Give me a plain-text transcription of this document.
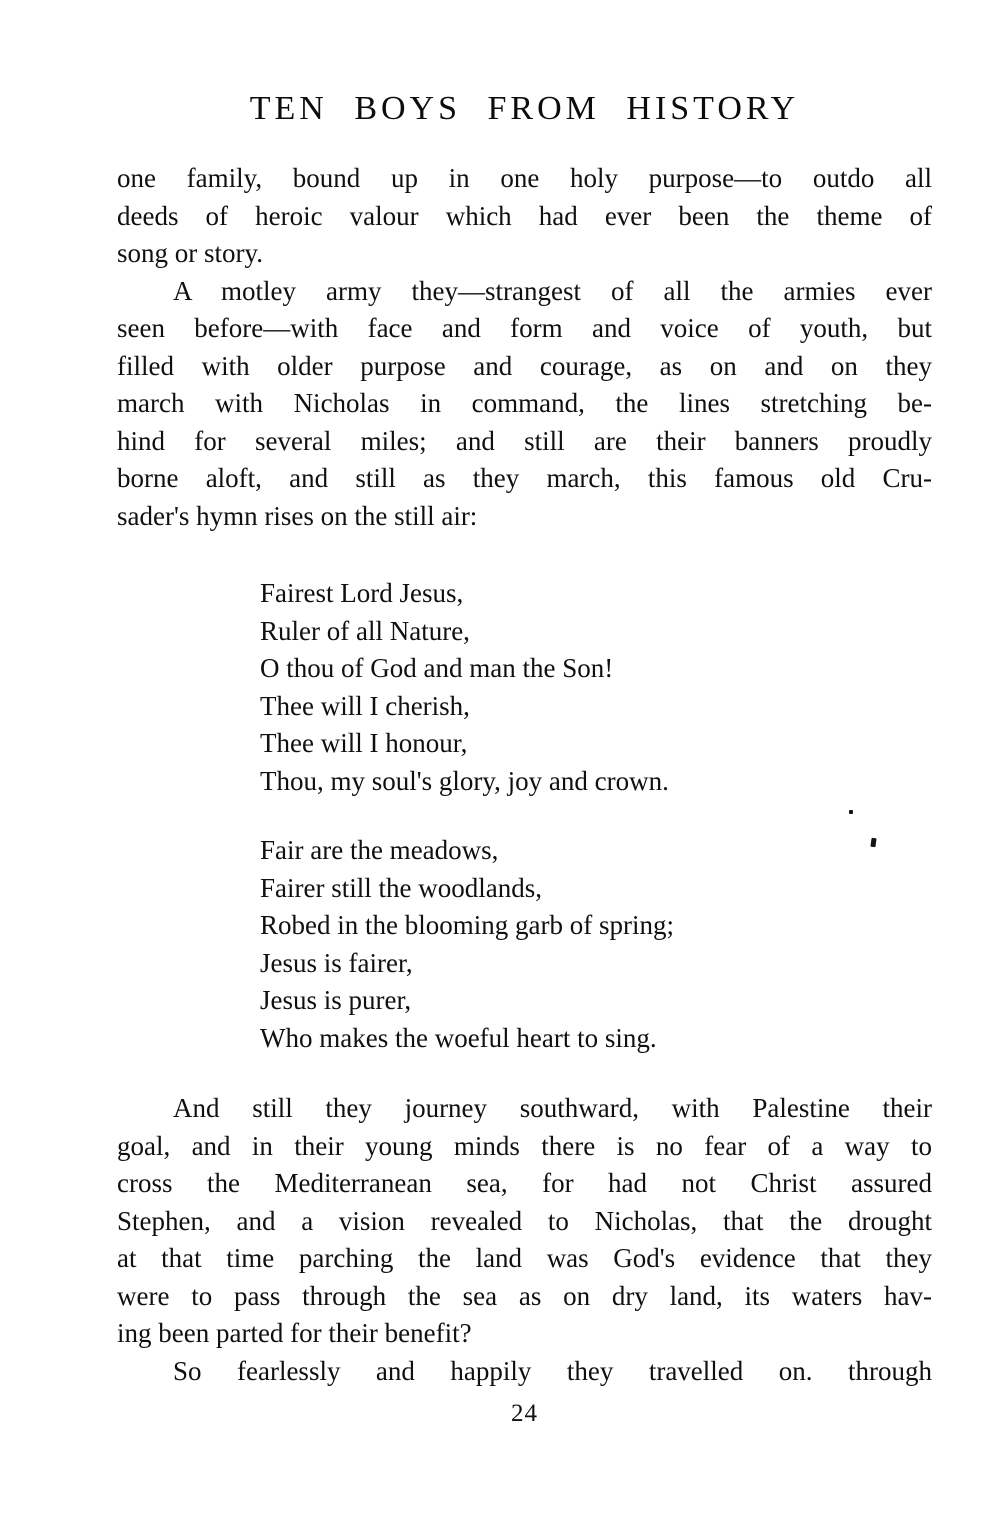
TEN BOYS FROM HISTORY
one family, bound up in one holy purpose—to outdo all
deeds of heroic valour which had ever been the theme of
song or story.
A motley army they—strangest of all the armies ever
seen before—with face and form and voice of youth, but
filled with older purpose and courage, as on and on they
march with Nicholas in command, the lines stretching be-
hind for several miles; and still are their banners proudly
borne aloft, and still as they march, this famous old Cru-
sader's hymn rises on the still air:
Fairest Lord Jesus,
Ruler of all Nature,
O thou of God and man the Son!
Thee will I cherish,
Thee will I honour,
Thou, my soul's glory, joy and crown.
Fair are the meadows,
Fairer still the woodlands,
Robed in the blooming garb of spring;
Jesus is fairer,
Jesus is purer,
Who makes the woeful heart to sing.
And still they journey southward, with Palestine their
goal, and in their young minds there is no fear of a way to
cross the Mediterranean sea, for had not Christ assured
Stephen, and a vision revealed to Nicholas, that the drought
at that time parching the land was God's evidence that they
were to pass through the sea as on dry land, its waters hav-
ing been parted for their benefit?
So fearlessly and happily they travelled on. through
24
